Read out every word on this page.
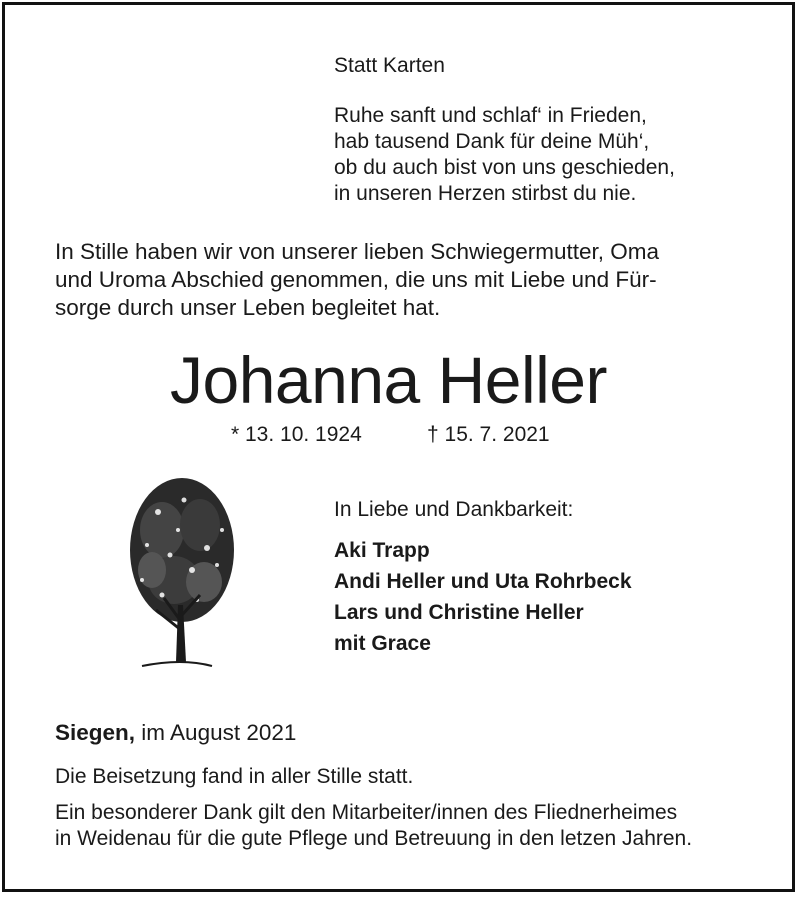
Statt Karten
Ruhe sanft und schlaf‘ in Frieden,
hab tausend Dank für deine Müh‘,
ob du auch bist von uns geschieden,
in unseren Herzen stirbst du nie.
In Stille haben wir von unserer lieben Schwiegermutter, Oma
und Uroma Abschied genommen, die uns mit Liebe und Für-
sorge durch unser Leben begleitet hat.
Johanna Heller
* 13. 10. 1924	† 15. 7. 2021
In Liebe und Dankbarkeit:
Aki Trapp
Andi Heller und Uta Rohrbeck
Lars und Christine Heller
mit Grace
Siegen, im August 2021
Die Beisetzung fand in aller Stille statt.
Ein besonderer Dank gilt den Mitarbeiter/innen des Fliednerheimes
in Weidenau für die gute Pflege und Betreuung in den letzen Jahren.
